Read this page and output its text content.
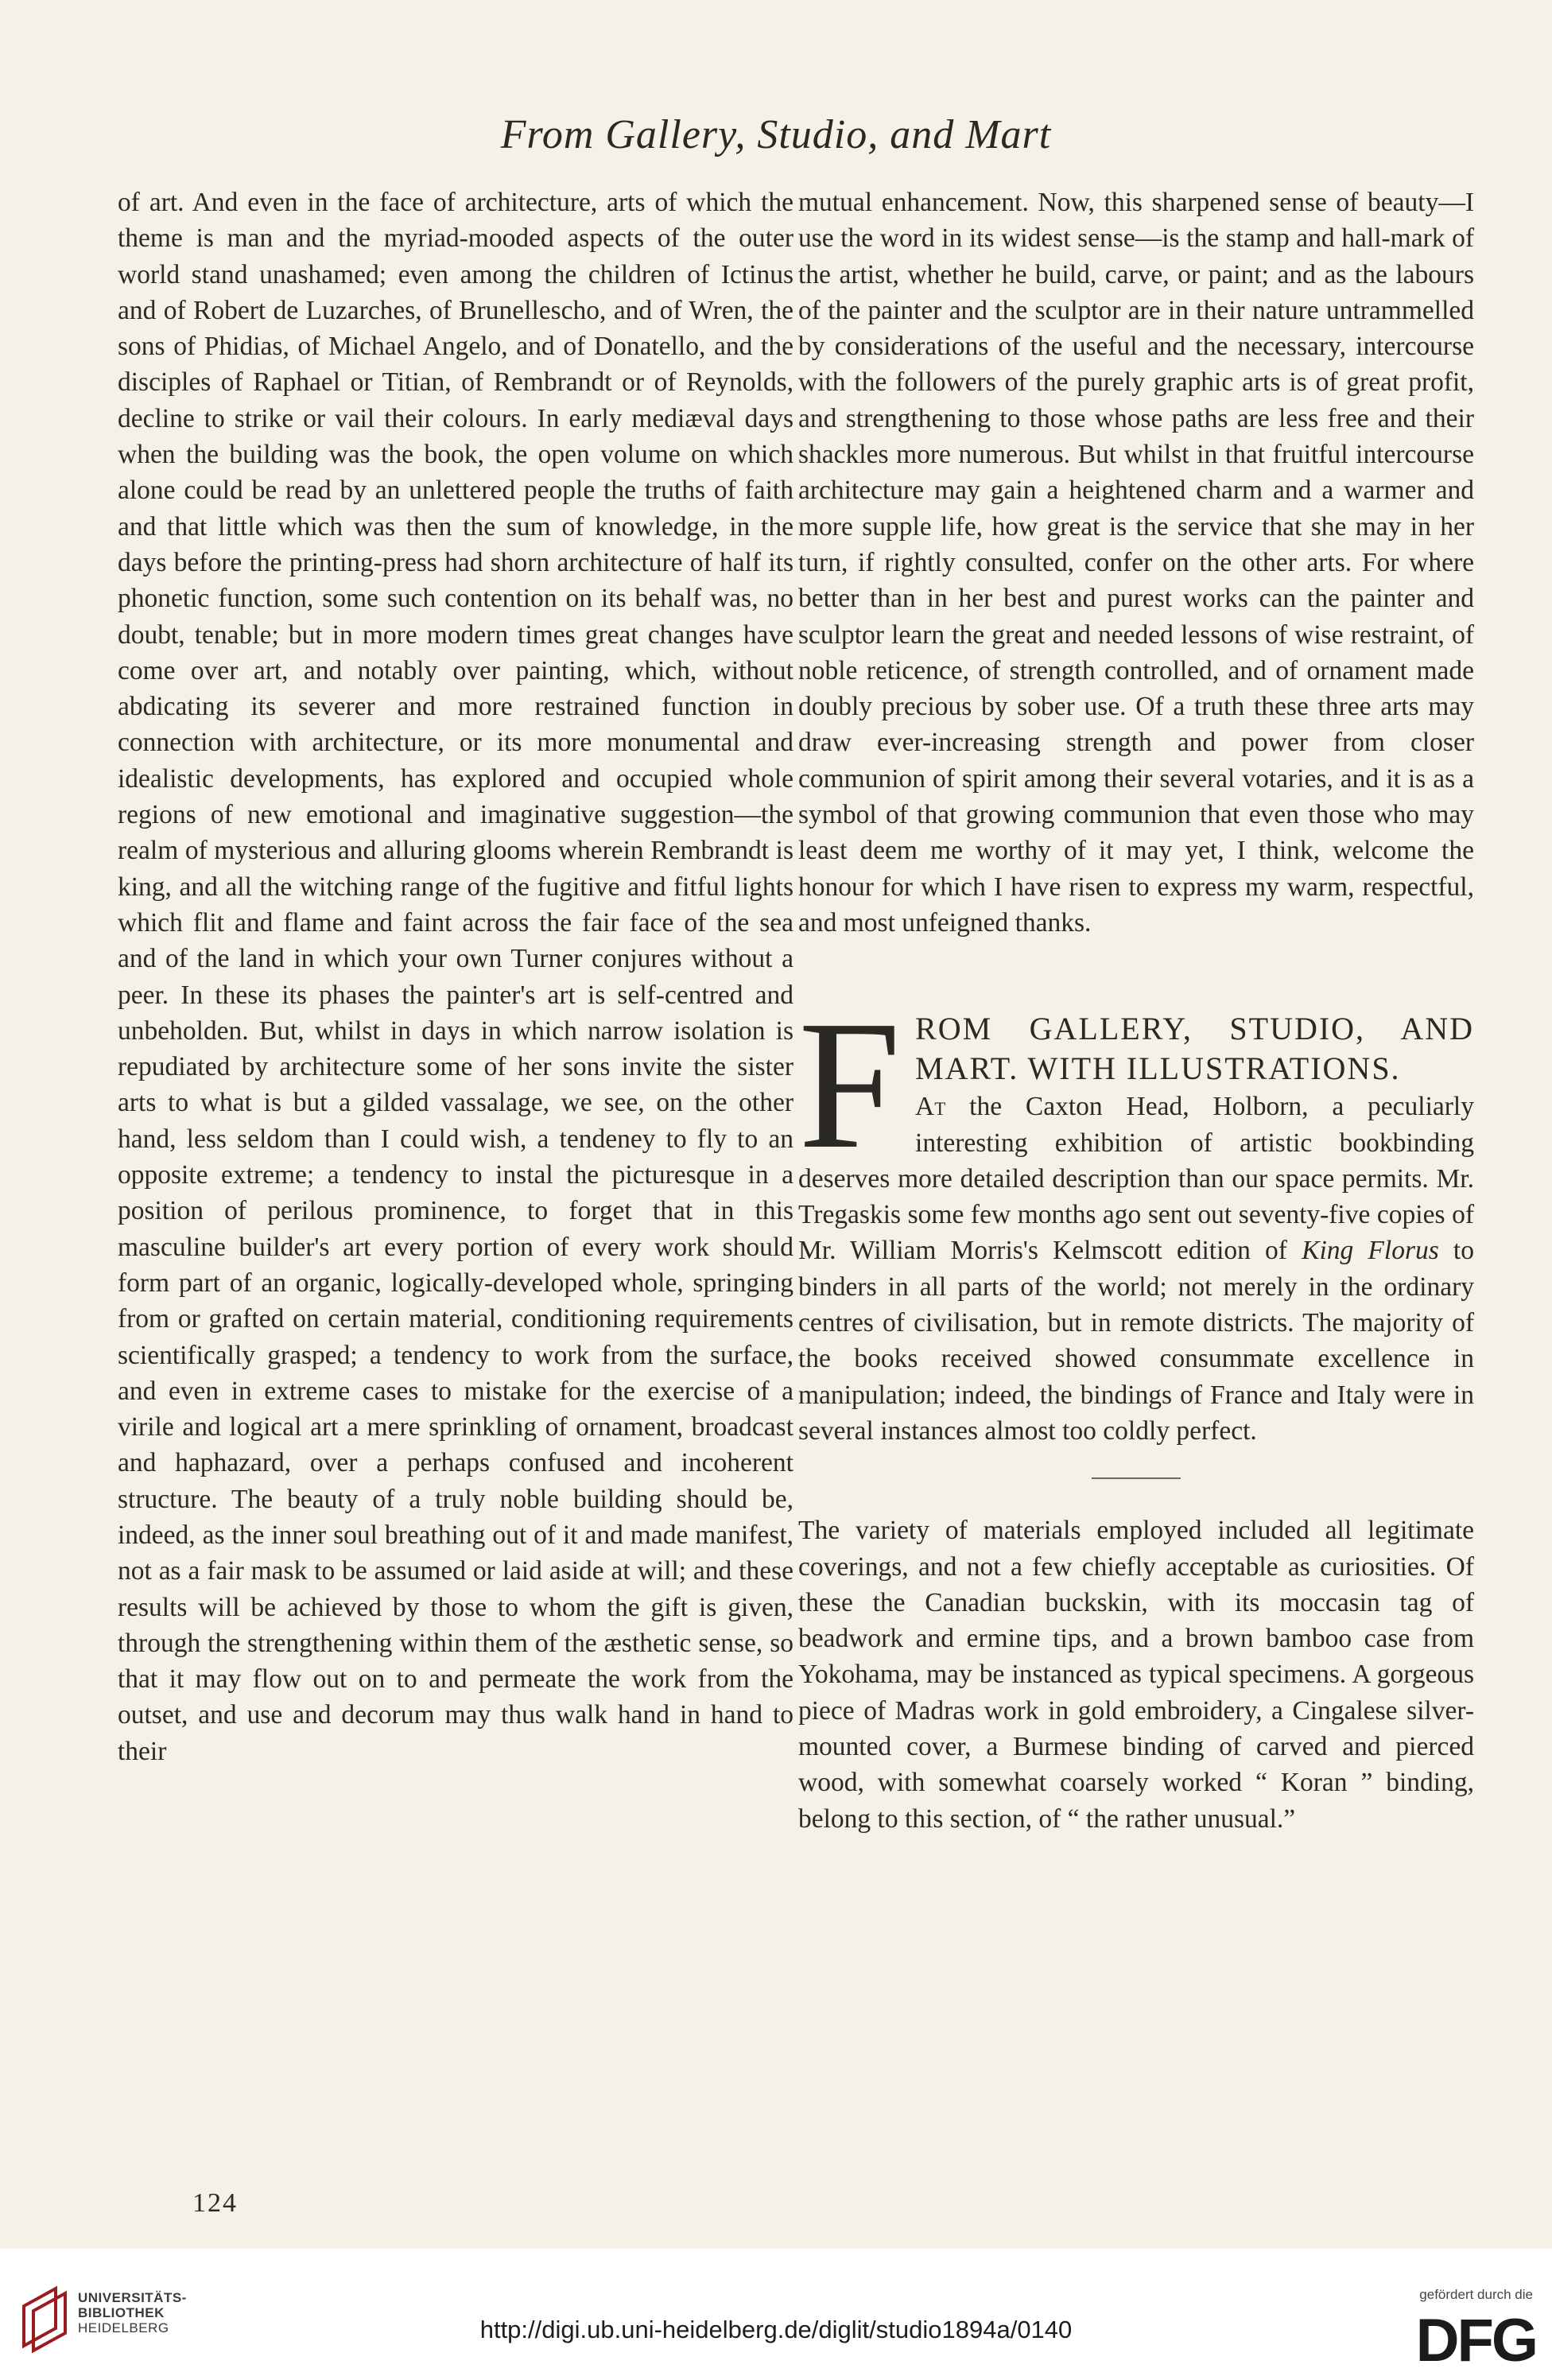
From Gallery, Studio, and Mart

of art. And even in the face of architecture, arts of which the theme is man and the myriad-mooded aspects of the outer world stand unashamed; even among the children of Ictinus and of Robert de Luzarches, of Brunellescho, and of Wren, the sons of Phidias, of Michael Angelo, and of Donatello, and the disciples of Raphael or Titian, of Rembrandt or of Reynolds, decline to strike or vail their colours. In early mediæval days when the building was the book, the open volume on which alone could be read by an unlettered people the truths of faith and that little which was then the sum of knowledge, in the days before the printing-press had shorn architecture of half its phonetic function, some such contention on its behalf was, no doubt, tenable; but in more modern times great changes have come over art, and notably over painting, which, without abdicating its severer and more restrained function in connection with architecture, or its more monumental and idealistic developments, has explored and occupied whole regions of new emotional and imaginative suggestion—the realm of mysterious and alluring glooms wherein Rembrandt is king, and all the witching range of the fugitive and fitful lights which flit and flame and faint across the fair face of the sea and of the land in which your own Turner conjures without a peer. In these its phases the painter's art is self-centred and unbeholden. But, whilst in days in which narrow isolation is repudiated by architecture some of her sons invite the sister arts to what is but a gilded vassalage, we see, on the other hand, less seldom than I could wish, a tendeney to fly to an opposite extreme; a tendency to instal the picturesque in a position of perilous prominence, to forget that in this masculine builder's art every portion of every work should form part of an organic, logically-developed whole, springing from or grafted on certain material, conditioning requirements scientifically grasped; a tendency to work from the surface, and even in extreme cases to mistake for the exercise of a virile and logical art a mere sprinkling of ornament, broadcast and haphazard, over a perhaps confused and incoherent structure. The beauty of a truly noble building should be, indeed, as the inner soul breathing out of it and made manifest, not as a fair mask to be assumed or laid aside at will; and these results will be achieved by those to whom the gift is given, through the strengthening within them of the æsthetic sense, so that it may flow out on to and permeate the work from the outset, and use and decorum may thus walk hand in hand to their

mutual enhancement. Now, this sharpened sense of beauty—I use the word in its widest sense—is the stamp and hall-mark of the artist, whether he build, carve, or paint; and as the labours of the painter and the sculptor are in their nature untrammelled by considerations of the useful and the necessary, intercourse with the followers of the purely graphic arts is of great profit, and strengthening to those whose paths are less free and their shackles more numerous. But whilst in that fruitful intercourse architecture may gain a heightened charm and a warmer and more supple life, how great is the service that she may in her turn, if rightly consulted, confer on the other arts. For where better than in her best and purest works can the painter and sculptor learn the great and needed lessons of wise restraint, of noble reticence, of strength controlled, and of ornament made doubly precious by sober use. Of a truth these three arts may draw ever-increasing strength and power from closer communion of spirit among their several votaries, and it is as a symbol of that growing communion that even those who may least deem me worthy of it may yet, I think, welcome the honour for which I have risen to express my warm, respectful, and most unfeigned thanks.

F ROM GALLERY, STUDIO, AND MART. WITH ILLUSTRATIONS.

At the Caxton Head, Holborn, a peculiarly interesting exhibition of artistic bookbinding deserves more detailed description than our space permits. Mr. Tregaskis some few months ago sent out seventy-five copies of Mr. William Morris's Kelmscott edition of King Florus to binders in all parts of the world; not merely in the ordinary centres of civilisation, but in remote districts. The majority of the books received showed consummate excellence in manipulation; indeed, the bindings of France and Italy were in several instances almost too coldly perfect.

The variety of materials employed included all legitimate coverings, and not a few chiefly acceptable as curiosities. Of these the Canadian buckskin, with its moccasin tag of beadwork and ermine tips, and a brown bamboo case from Yokohama, may be instanced as typical specimens. A gorgeous piece of Madras work in gold embroidery, a Cingalese silver-mounted cover, a Burmese binding of carved and pierced wood, with somewhat coarsely worked “ Koran ” binding, belong to this section, of “ the rather unusual.”

124
UNIVERSITÄTS-
BIBLIOTHEK
HEIDELBERG	http://digi.ub.uni-heidelberg.de/diglit/studio1894a/0140
gefördert durch die
DFG
